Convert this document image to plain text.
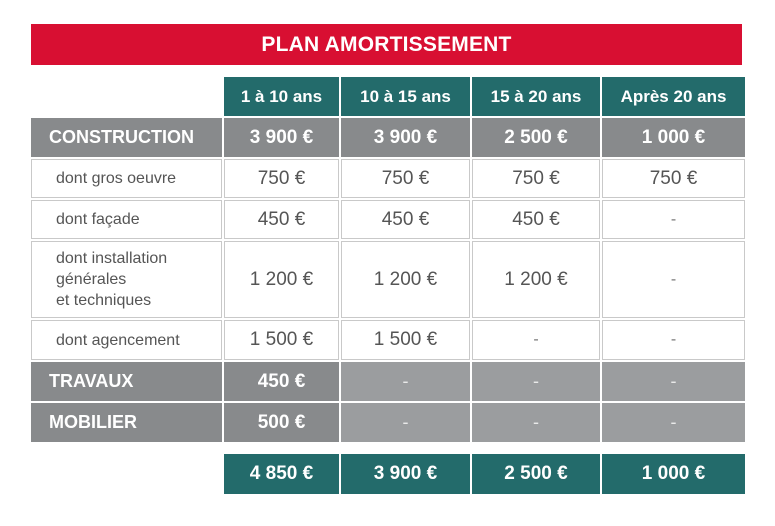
PLAN AMORTISSEMENT
1 à 10 ans	10 à 15 ans	15 à 20 ans	Après 20 ans
CONSTRUCTION	3 900 €	3 900 €	2 500 €	1 000 €
dont gros oeuvre	750 €	750 €	750 €	750 €
dont façade	450 €	450 €	450 €	-
dont installation
générales
et techniques
1 200 €	1 200 €	1 200 €	-
dont agencement	1 500 €	1 500 €	-	-
TRAVAUX	450 €	-	-	-
MOBILIER	500 €	-	-	-
4 850 €	3 900 €	2 500 €	1 000 €
